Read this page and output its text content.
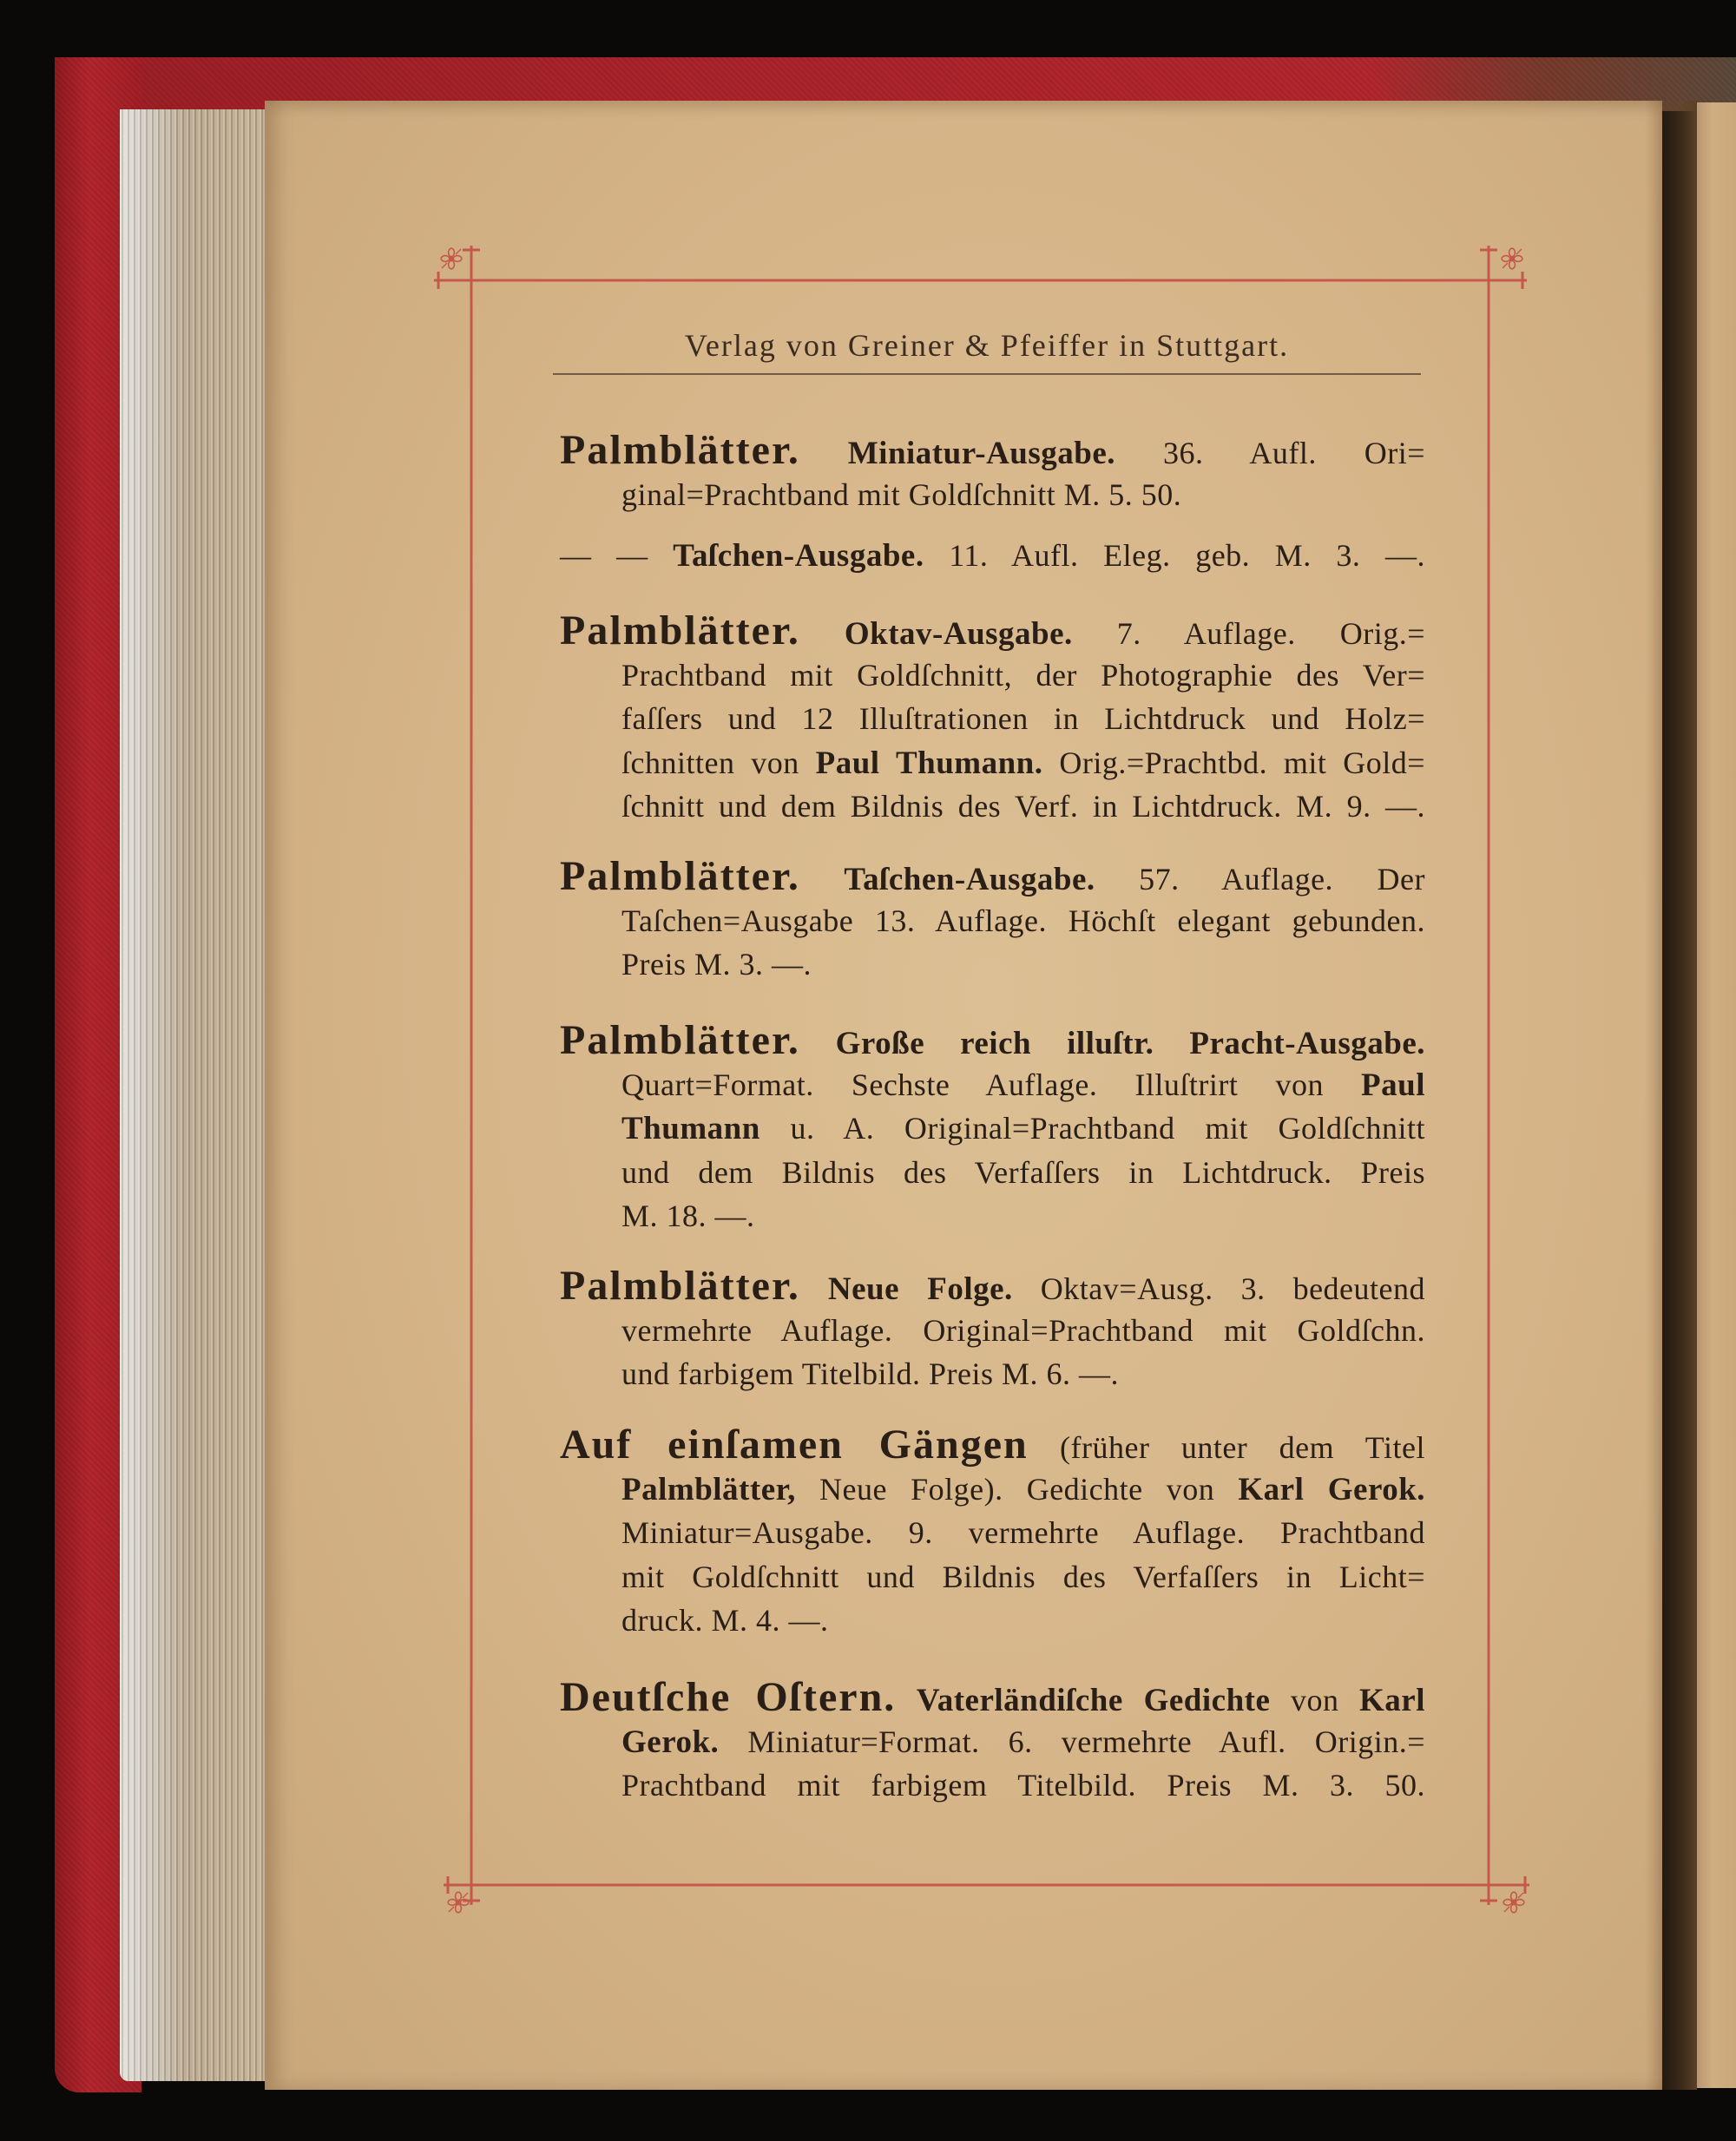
Verlag von Greiner & Pfeiffer in Stuttgart.
Palmblätter. Miniatur-Ausgabe. 36. Aufl. Ori=
ginal=Prachtband mit Goldſchnitt M. 5. 50.
— — Taſchen-Ausgabe. 11. Aufl. Eleg. geb. M. 3. —.
Palmblätter. Oktav-Ausgabe. 7. Auflage. Orig.=
Prachtband mit Goldſchnitt, der Photographie des Ver=
faſſers und 12 Illuſtrationen in Lichtdruck und Holz=
ſchnitten von Paul Thumann. Orig.=Prachtbd. mit Gold=
ſchnitt und dem Bildnis des Verf. in Lichtdruck. M. 9. —.
Palmblätter. Taſchen-Ausgabe. 57. Auflage. Der
Taſchen=Ausgabe 13. Auflage. Höchſt elegant gebunden.
Preis M. 3. —.
Palmblätter. Große reich illuſtr. Pracht-Ausgabe.
Quart=Format. Sechste Auflage. Illuſtrirt von Paul
Thumann u. A. Original=Prachtband mit Goldſchnitt
und dem Bildnis des Verfaſſers in Lichtdruck. Preis
M. 18. —.
Palmblätter. Neue Folge. Oktav=Ausg. 3. bedeutend
vermehrte Auflage. Original=Prachtband mit Goldſchn.
und farbigem Titelbild. Preis M. 6. —.
Auf einſamen Gängen (früher unter dem Titel
Palmblätter, Neue Folge). Gedichte von Karl Gerok.
Miniatur=Ausgabe. 9. vermehrte Auflage. Prachtband
mit Goldſchnitt und Bildnis des Verfaſſers in Licht=
druck. M. 4. —.
Deutſche Oſtern. Vaterländiſche Gedichte von Karl
Gerok. Miniatur=Format. 6. vermehrte Aufl. Origin.=
Prachtband mit farbigem Titelbild. Preis M. 3. 50.
